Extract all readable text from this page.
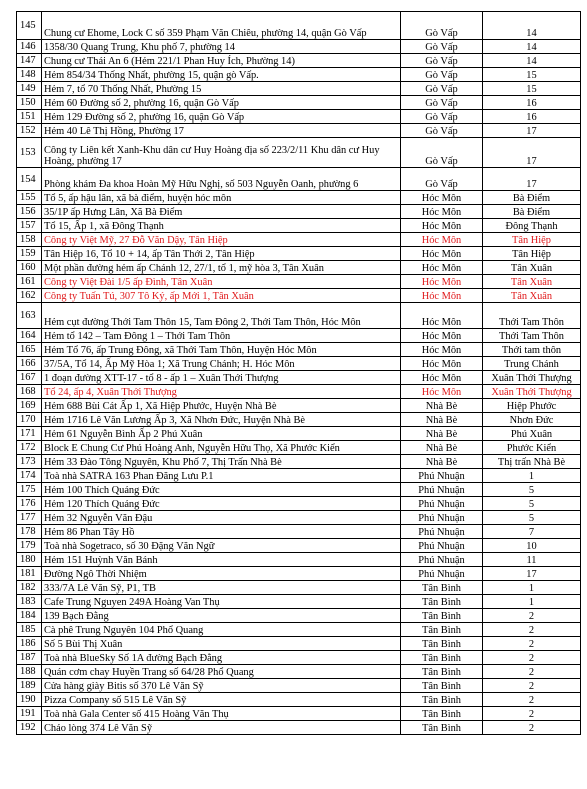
145	Chung cư Ehome, Lock C số 359 Phạm Văn Chiêu, phường 14, quận Gò Vấp	Gò Vấp	14
146	1358/30 Quang Trung, Khu phố 7, phường 14	Gò Vấp	14
147	Chung cư Thái An 6 (Hẻm 221/1 Phan Huy Ích, Phường 14)	Gò Vấp	14
148	Hẻm 854/34 Thống Nhất, phường 15, quận gò Vấp.	Gò Vấp	15
149	Hẻm 7, tổ 70 Thống Nhất, Phường 15	Gò Vấp	15
150	Hẻm 60 Đường số 2, phường 16, quận Gò Vấp	Gò Vấp	16
151	Hẻm 129 Đường số 2, phường 16, quận Gò Vấp	Gò Vấp	16
152	Hẻm 40 Lê Thị Hồng, Phường 17	Gò Vấp	17
153	Công ty Liên kết Xanh-Khu dân cư Huy Hoàng địa số 223/2/11 Khu dân cư Huy Hoàng, phường 17	Gò Vấp	17
154	Phòng khám Đa khoa Hoàn Mỹ Hữu Nghị, số 503 Nguyễn Oanh, phường 6	Gò Vấp	17
155	Tổ 5, ấp hậu lân, xã bà điểm, huyện hóc môn	Hóc Môn	Bà Điểm
156	35/1P ấp Hưng Lân, Xã Bà Điểm	Hóc Môn	Bà Điểm
157	Tổ 15, Ấp 1, xã Đông Thạnh	Hóc Môn	Đông Thạnh
158	Công ty Việt Mỹ, 27 Đỗ Văn Dậy, Tân Hiệp	Hóc Môn	Tân Hiệp
159	Tân Hiệp 16, Tổ 10 + 14, ấp Tân Thới 2, Tân Hiệp	Hóc Môn	Tân Hiệp
160	Một phần đường hẻm ấp Chánh 12, 27/1, tổ 1, mỹ hòa 3, Tân Xuân	Hóc Môn	Tân Xuân
161	Công ty Việt Đài 1/5 ấp Đình, Tân Xuân	Hóc Môn	Tân Xuân
162	Công ty Tuấn Tú, 307 Tô Ký, ấp Mới 1, Tân Xuân	Hóc Môn	Tân Xuân
163	Hẻm cụt đường Thới Tam Thôn 15, Tam Đông 2, Thới Tam Thôn, Hóc Môn	Hóc Môn	Thới Tam Thôn
164	Hẻm tổ 142 – Tam Đông 1 – Thới Tam Thôn	Hóc Môn	Thới Tam Thôn
165	Hẻm Tổ 76, ấp Trung Đông, xã Thới Tam Thôn, Huyện Hóc Môn	Hóc Môn	Thới tam thôn
166	37/5A, Tổ 14, Ấp Mỹ Hòa 1; Xã Trung Chánh; H. Hóc Môn	Hóc Môn	Trung Chánh
167	1 đoạn đường XTT-17 - tổ 8 - ấp 1 – Xuân Thới Thượng	Hóc Môn	Xuân Thới Thượng
168	Tổ 24, ấp 4, Xuân Thới Thượng	Hóc Môn	Xuân Thới Thượng
169	Hẻm 688 Bùi Cát Ấp 1, Xã Hiệp Phước, Huyện Nhà Bè	Nhà Bè	Hiệp Phước
170	Hẻm 1716 Lê Văn Lương Ấp 3, Xã Nhơn Đức, Huyện Nhà Bè	Nhà Bè	Nhơn Đức
171	Hẻm 61 Nguyễn Bình Ấp 2 Phú Xuân	Nhà Bè	Phú Xuân
172	Block E Chung Cư Phú Hoàng Anh, Nguyễn Hữu Thọ, Xã Phước Kiển	Nhà Bè	Phước Kiển
173	Hẻm 33 Đào Tông Nguyên, Khu Phố 7, Thị Trấn Nhà Bè	Nhà Bè	Thị trấn Nhà Bè
174	Toà nhà SATRA 163 Phan Đăng Lưu P.1	Phú Nhuận	1
175	Hẻm 100 Thích Quảng Đức	Phú Nhuận	5
176	Hẻm 120 Thích Quảng Đức	Phú Nhuận	5
177	Hẻm 32 Nguyễn Văn Đậu	Phú Nhuận	5
178	Hẻm 86 Phan Tây Hồ	Phú Nhuận	7
179	Toà nhà Sogetraco, số 30 Đặng Văn Ngữ	Phú Nhuận	10
180	Hẻm 151 Huỳnh Văn Bánh	Phú Nhuận	11
181	Đường Ngô Thời Nhiệm	Phú Nhuận	17
182	333/7A Lê Văn Sỹ, P1, TB	Tân Bình	1
183	Cafe Trung Nguyen 249A Hoàng Van Thụ	Tân Bình	1
184	139 Bạch Đằng	Tân Bình	2
185	Cà phê Trung Nguyên 104 Phổ Quang	Tân Bình	2
186	Số 5 Bùi Thị Xuân	Tân Bình	2
187	Toà nhà BlueSky Số 1A đường Bạch Đằng	Tân Bình	2
188	Quán cơm chay Huyền Trang số 64/28 Phổ Quang	Tân Bình	2
189	Cửa hàng giày Bitis số 370 Lê Văn Sỹ	Tân Bình	2
190	Pizza Company số 515 Lê Văn Sỹ	Tân Bình	2
191	Toà nhà Gala Center số 415 Hoàng Văn Thụ	Tân Bình	2
192	Cháo lòng 374 Lê Văn Sỹ	Tân Bình	2
